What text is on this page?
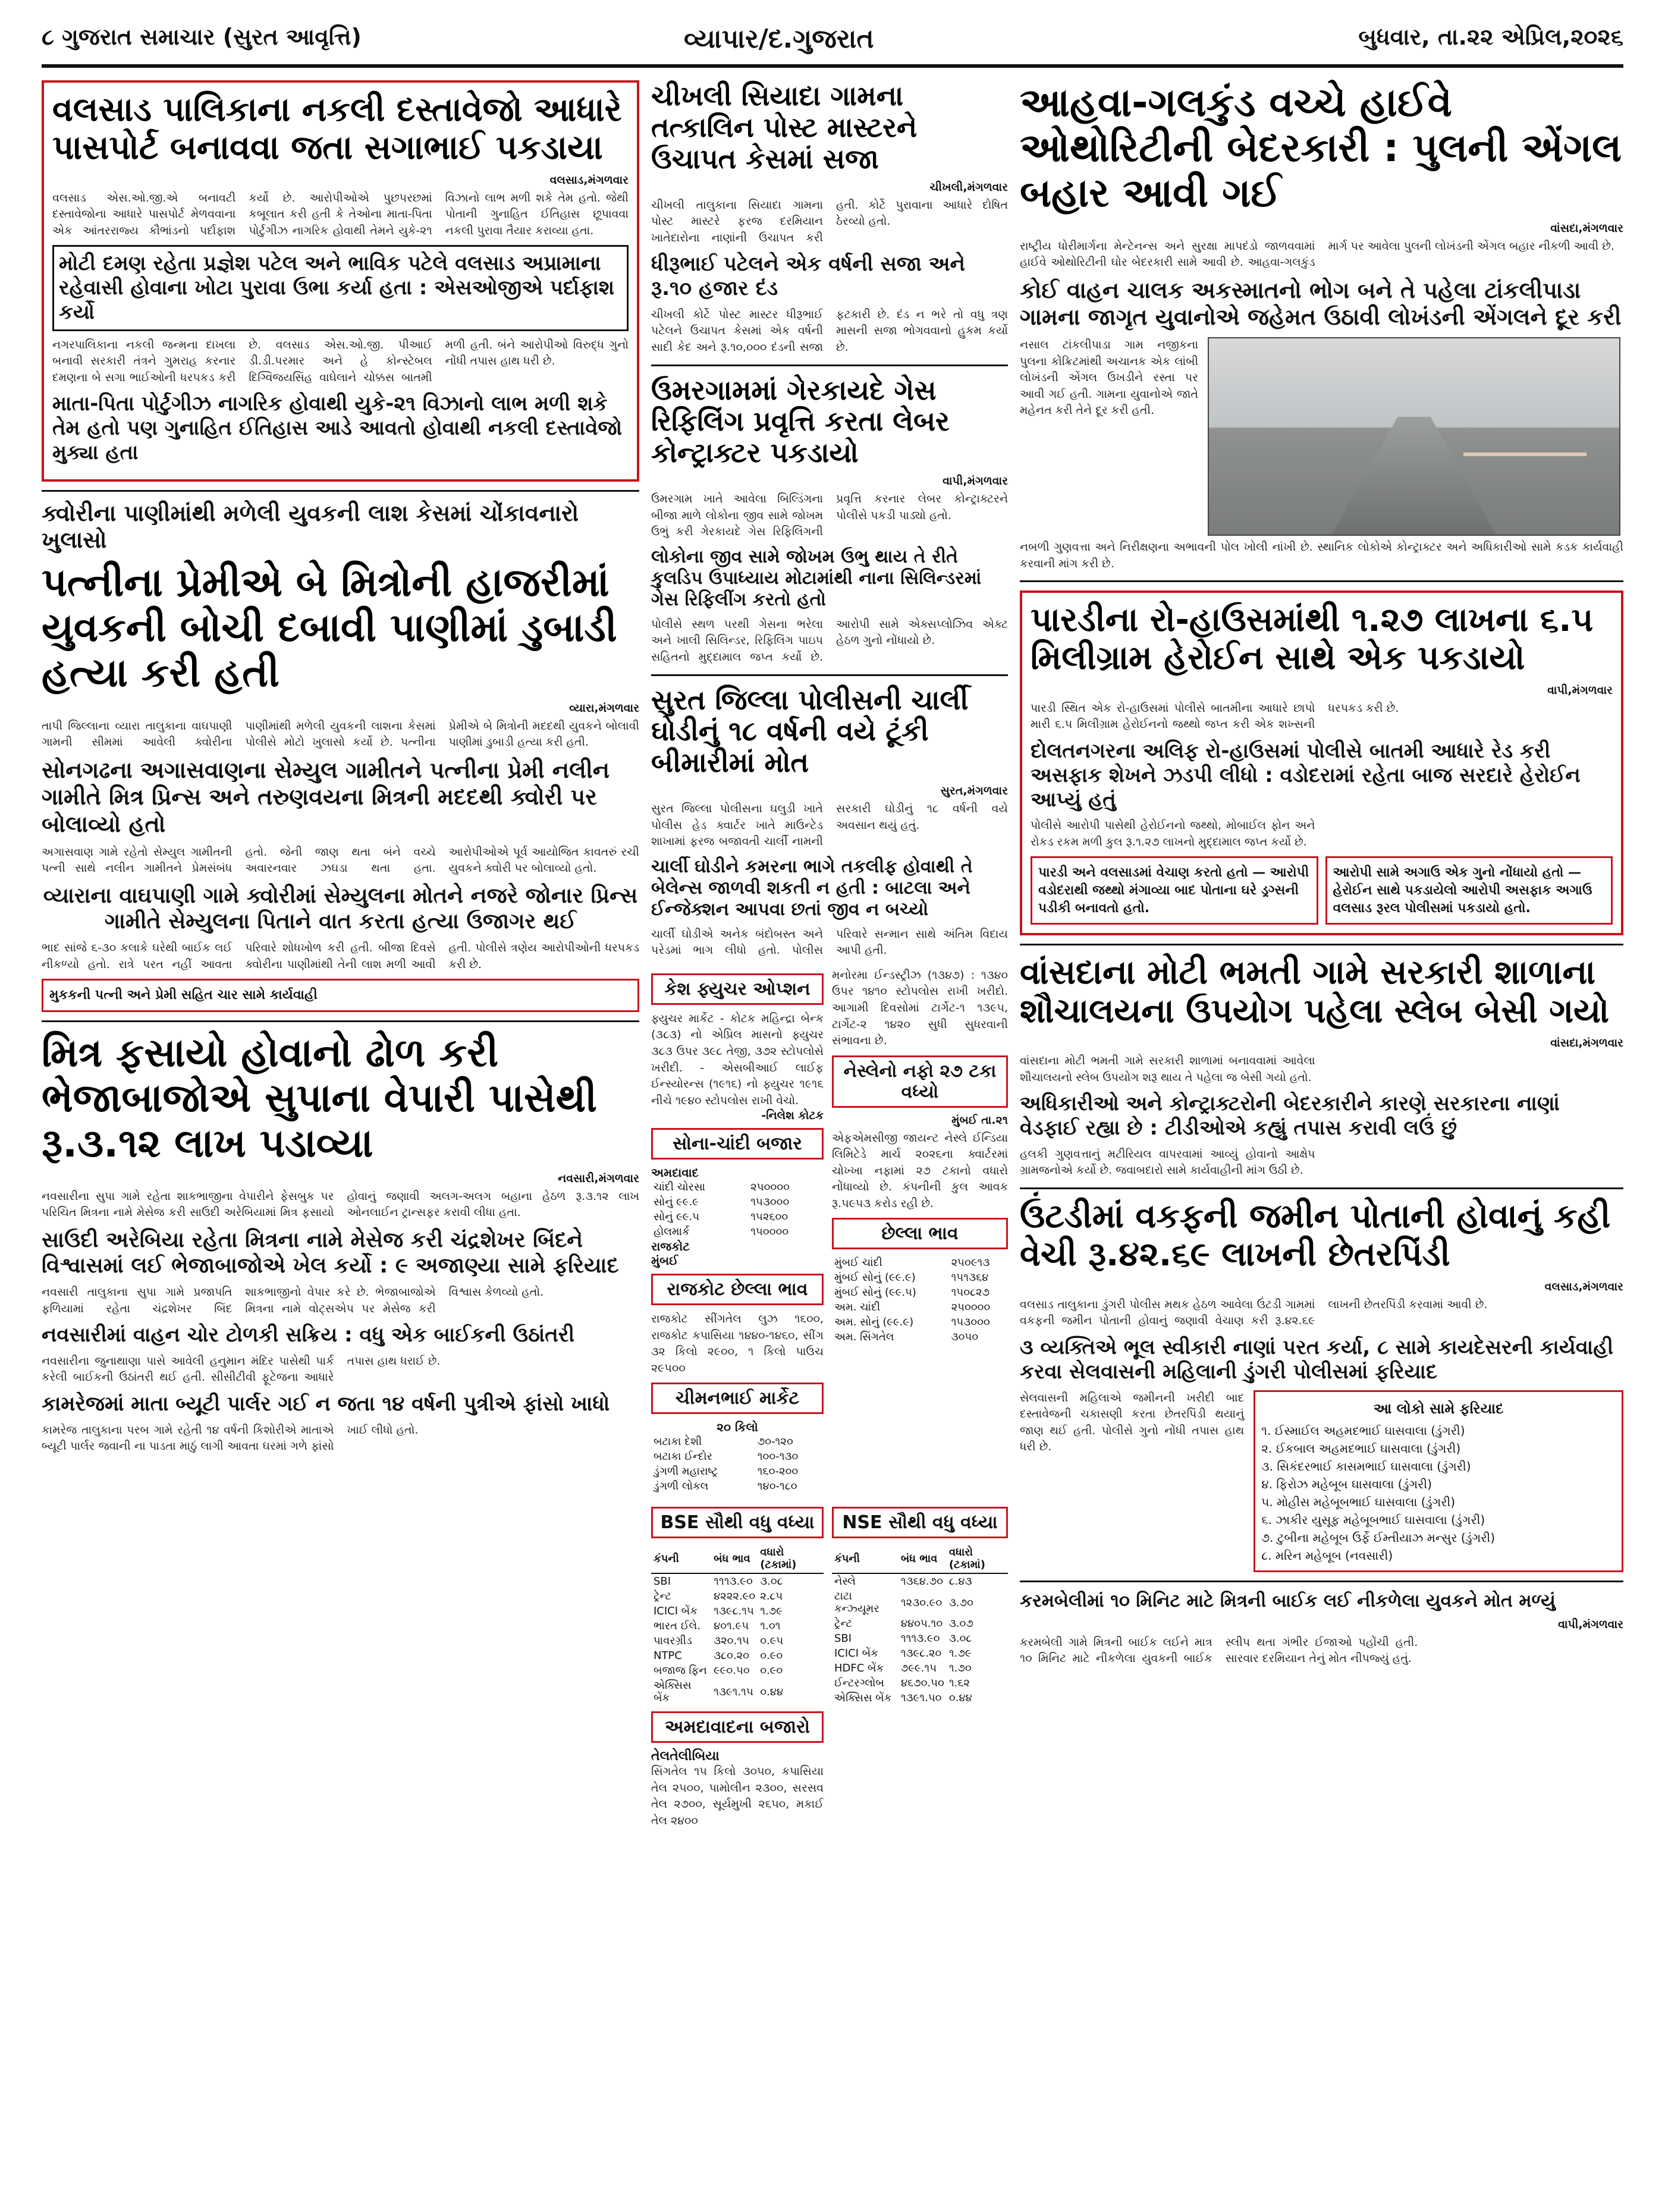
૮ ગુજરાત સમાચાર (સુરત આવૃત્તિ)	વ્યાપાર/દ.ગુજરાત	બુધવાર, તા.૨૨ એપ્રિલ,૨૦૨૬
વલસાડ પાલિકાના નકલી દસ્તાવેજો આધારે પાસપોર્ટ બનાવવા જતા સગાભાઈ પકડાયા
વલસાડ,મંગળવાર
વલસાડ એસ.ઓ.જી.એ બનાવટી દસ્તાવેજોના આધારે પાસપોર્ટ મેળવવાના એક આંતરરાજ્ય કૌભાંડનો પર્દાફાશ કર્યો છે. આરોપીઓએ પુછપરછમાં કબૂલાત કરી હતી કે તેઓના માતા-પિતા પોર્ટુગીઝ નાગરિક હોવાથી તેમને યુકે-૨૧ વિઝાનો લાભ મળી શકે તેમ હતો. જેથી પોતાની ગુનાહિત ઈતિહાસ છૂપાવવા નકલી પુરાવા તૈયાર કરાવ્યા હતા.
મોટી દમણ રહેતા પ્રજ્ઞેશ પટેલ અને ભાવિક પટેલે વલસાડ અપ્રામાના રહેવાસી હોવાના ખોટા પુરાવા ઉભા કર્યા હતા : એસઓજીએ પર્દાફાશ કર્યો
નગરપાલિકાના નકલી જન્મના દાખલા બનાવી સરકારી તંત્રને ગુમરાહ કરનાર દમણના બે સગા ભાઈઓની ધરપકડ કરી છે. વલસાડ એસ.ઓ.જી. પીઆઈ ડી.ડી.પરમાર અને હે કોન્સ્ટેબલ દિગ્વિજયસિંહ વાઘેલાને ચોક્કસ બાતમી મળી હતી. બંને આરોપીઓ વિરુદ્ધ ગુનો નોંધી તપાસ હાથ ધરી છે.
માતા-પિતા પોર્ટુગીઝ નાગરિક હોવાથી યુકે-૨૧ વિઝાનો લાભ મળી શકે તેમ હતો પણ ગુનાહિત ઈતિહાસ આડે આવતો હોવાથી નકલી દસ્તાવેજો મુક્યા હતા
ક્વોરીના પાણીમાંથી મળેલી યુવકની લાશ કેસમાં ચોંકાવનારો ખુલાસો
પત્નીના પ્રેમીએ બે મિત્રોની હાજરીમાં યુવકની બોચી દબાવી પાણીમાં ડુબાડી હત્યા કરી હતી
વ્યારા,મંગળવાર
તાપી જિલ્લાના વ્યારા તાલુકાના વાઘપાણી ગામની સીમમાં આવેલી ક્વોરીના પાણીમાંથી મળેલી યુવકની લાશના કેસમાં પોલીસે મોટો ખુલાસો કર્યો છે. પત્નીના પ્રેમીએ બે મિત્રોની મદદથી યુવકને બોલાવી પાણીમાં ડુબાડી હત્યા કરી હતી.
સોનગઢના અગાસવાણના સેમ્યુલ ગામીતને પત્નીના પ્રેમી નલીન ગામીતે મિત્ર પ્રિન્સ અને તરુણવયના મિત્રની મદદથી ક્વોરી પર બોલાવ્યો હતો
અગાસવાણ ગામે રહેતો સેમ્યુલ ગામીતની પત્ની સાથે નલીન ગામીતને પ્રેમસંબંધ હતો. જેની જાણ થતા બંને વચ્ચે અવારનવાર ઝઘડા થતા હતા. આરોપીઓએ પૂર્વ આયોજિત કાવતરું રચી યુવકને ક્વોરી પર બોલાવ્યો હતો.
વ્યારાના વાઘપાણી ગામે ક્વોરીમાં સેમ્યુલના મોતને નજરે જોનાર પ્રિન્સ ગામીતે સેમ્યુલના પિતાને વાત કરતા હત્યા ઉજાગર થઈ
ભાદ સાંજે ૬-૩૦ કલાકે ઘરેથી બાઈક લઈ નીકળ્યો હતો. રાત્રે પરત નહીં આવતા પરિવારે શોધખોળ કરી હતી. બીજા દિવસે ક્વોરીના પાણીમાંથી તેની લાશ મળી આવી હતી. પોલીસે ત્રણેય આરોપીઓની ધરપકડ કરી છે.
મુકકની પત્ની અને પ્રેમી સહિત ચાર સામે કાર્યવાહી
મિત્ર ફસાયો હોવાનો ઢોળ કરી ભેજાબાજોએ સુપાના વેપારી પાસેથી રૂ.૩.૧૨ લાખ પડાવ્યા
નવસારી,મંગળવાર
નવસારીના સુપા ગામે રહેતા શાકભાજીના વેપારીને ફેસબુક પર પરિચિત મિત્રના નામે મેસેજ કરી સાઉદી અરેબિયામાં મિત્ર ફસાયો હોવાનું જણાવી અલગ-અલગ બહાના હેઠળ રૂ.૩.૧૨ લાખ ઓનલાઈન ટ્રાન્સફર કરાવી લીધા હતા.
સાઉદી અરેબિયા રહેતા મિત્રના નામે મેસેજ કરી ચંદ્રશેખર બિંદને વિશ્વાસમાં લઈ ભેજાબાજોએ ખેલ કર્યો : ૯ અજાણ્યા સામે ફરિયાદ
નવસારી તાલુકાના સુપા ગામે પ્રજાપતિ ફળિયામાં રહેતા ચંદ્રશેખર બિંદ શાકભાજીનો વેપાર કરે છે. ભેજાબાજોએ મિત્રના નામે વોટ્સએપ પર મેસેજ કરી વિશ્વાસ કેળવ્યો હતો.
નવસારીમાં વાહન ચોર ટોળકી સક્રિય : વધુ એક બાઈકની ઉઠાંતરી
નવસારીના જુનાથાણા પાસે આવેલી હનુમાન મંદિર પાસેથી પાર્ક કરેલી બાઈકની ઉઠાંતરી થઈ હતી. સીસીટીવી ફૂટેજના આધારે તપાસ હાથ ધરાઈ છે.
કામરેજમાં માતા બ્યૂટી પાર્લર ગઈ ન જતા ૧૪ વર્ષની પુત્રીએ ફાંસો ખાધો
કામરેજ તાલુકાના પરબ ગામે રહેતી ૧૪ વર્ષની કિશોરીએ માતાએ બ્યૂટી પાર્લર જવાની ના પાડતા માઠું લાગી આવતા ઘરમાં ગળે ફાંસો ખાઈ લીધો હતો.
ચીખલી સિયાદા ગામના તત્કાલિન પોસ્ટ માસ્ટરને ઉચાપત કેસમાં સજા
ચીખલી,મંગળવાર
ચીખલી તાલુકાના સિયાદા ગામના પોસ્ટ માસ્ટરે ફરજ દરમિયાન ખાતેદારોના નાણાંની ઉચાપત કરી હતી. કોર્ટે પુરાવાના આધારે દોષિત ઠેરવ્યો હતો.
ધીરૂભાઈ પટેલને એક વર્ષની સજા અને રૂ.૧૦ હજાર દંડ
ચીખલી કોર્ટે પોસ્ટ માસ્ટર ધીરૂભાઈ પટેલને ઉચાપત કેસમાં એક વર્ષની સાદી કેદ અને રૂ.૧૦,૦૦૦ દંડની સજા ફટકારી છે. દંડ ન ભરે તો વધુ ત્રણ માસની સજા ભોગવવાનો હુકમ કર્યો છે.
ઉમરગામમાં ગેરકાયદે ગેસ રિફિલિંગ પ્રવૃત્તિ કરતા લેબર કોન્ટ્રાક્ટર પકડાયો
વાપી,મંગળવાર
ઉમરગામ ખાતે આવેલા બિલ્ડિંગના બીજા માળે લોકોના જીવ સામે જોખમ ઉભું કરી ગેરકાયદે ગેસ રિફિલિંગની પ્રવૃત્તિ કરનાર લેબર કોન્ટ્રાક્ટરને પોલીસે પકડી પાડ્યો હતો.
લોકોના જીવ સામે જોખમ ઉભુ થાય તે રીતે કુલડિપ ઉપાધ્યાય મોટામાંથી નાના સિલિન્ડરમાં ગેસ રિફિલીંગ કરતો હતો
પોલીસે સ્થળ પરથી ગેસના ભરેલા અને ખાલી સિલિન્ડર, રિફિલિંગ પાઇપ સહિતનો મુદ્દામાલ જપ્ત કર્યો છે. આરોપી સામે એક્સપ્લોઝિવ એક્ટ હેઠળ ગુનો નોંધાયો છે.
સુરત જિલ્લા પોલીસની ચાર્લી ઘોડીનું ૧૮ વર્ષની વયે ટૂંકી બીમારીમાં મોત
સુરત,મંગળવાર
સુરત જિલ્લા પોલીસના ઘલુડી ખાતે પોલીસ હેડ ક્વાર્ટર ખાતે માઉન્ટેડ શાખામાં ફરજ બજાવતી ચાર્લી નામની સરકારી ઘોડીનું ૧૮ વર્ષની વયે અવસાન થયું હતું.
ચાર્લી ઘોડીને કમરના ભાગે તકલીફ હોવાથી તે બેલેન્સ જાળવી શકતી ન હતી : બાટલા અને ઈન્જેક્શન આપવા છતાં જીવ ન બચ્યો
ચાર્લી ઘોડીએ અનેક બંદોબસ્ત અને પરેડમાં ભાગ લીધો હતો. પોલીસ પરિવારે સન્માન સાથે અંતિમ વિદાય આપી હતી.
કેશ ફ્યુચર ઓપ્શન
ફ્યુચર માર્કેટ - કોટક મહિન્દ્રા બેન્ક (૩૮૩) નો એપ્રિલ માસનો ફ્યુચર ૩૮૩ ઉપર ૩૯૮ તેજી, ૩૭૨ સ્ટોપલોસે ખરીદી. - એસબીઆઈ લાઈફ ઈન્સ્યોરન્સ (૧૯૧૬) નો ફ્યુચર ૧૯૧૬ નીચે ૧૯૪૦ સ્ટોપલોસ રાખી વેચો.
-નિલેશ કોટક
સોના-ચાંદી બજાર
અમદાવાદ
ચાંદી ચોરસા	૨૫૦૦૦૦
સોનું ૯૯.૯	૧૫૩૦૦૦
સોનું ૯૯.૫	૧૫૨૬૦૦
હોલમાર્ક	૧૫૦૦૦૦
રાજકોટ
મુંબઈ
રાજકોટ છેલ્લા ભાવ
રાજકોટ સીંગતેલ લુઝ ૧૬૦૦, રાજકોટ કપાસિયા ૧૪૪૦-૧૪૬૦, સીંગ ૩૨ કિલો ૨૯૦૦, ૧ કિલો પાઉચ ૨૯૫૦૦
ચીમનભાઈ માર્કેટ
૨૦ કિલો
બટાકા દેશી	૭૦-૧૨૦
બટાકા ઈન્દોર	૧૦૦-૧૩૦
ડુંગળી મહારાષ્ટ્ર	૧૬૦-૨૦૦
ડુંગળી લોકલ	૧૪૦-૧૮૦
મનોરમા ઈન્ડસ્ટ્રીઝ (૧૩૪૭) : ૧૩૪૦ ઉપર ૧૪૧૦ સ્ટોપલોસ રાખી ખરીદો. આગામી દિવસોમાં ટાર્ગેટ-૧ ૧૩૯૫, ટાર્ગેટ-૨ ૧૪૨૦ સુધી સુધરવાની સંભાવના છે.
નેસ્લેનો નફો ૨૭ ટકા વધ્યો
મુંબઈ તા.૨૧
એફએમસીજી જાયન્ટ નેસ્લે ઈન્ડિયા લિમિટેડે માર્ચ ૨૦૨૬ના ક્વાર્ટરમાં ચોખ્ખા નફામાં ૨૭ ટકાનો વધારો નોંધાવ્યો છે. કંપનીની કુલ આવક રૂ.૫૯૫૩ કરોડ રહી છે.
છેલ્લા ભાવ
મુંબઈ ચાંદી	૨૫૦૯૧૩
મુંબઈ સોનું (૯૯.૯)	૧૫૧૩૬૪
મુંબઈ સોનું (૯૯.૫)	૧૫૦૮૨૭
અમ. ચાંદી	૨૫૦૦૦૦
અમ. સોનું (૯૯.૯)	૧૫૩૦૦૦
અમ. સિંગતેલ	૩૦૫૦
BSE સૌથી વધુ વધ્યા
કંપની	બંધ ભાવ	વધારો (ટકામાં)
SBI	૧૧૧૩.૯૦	૩.૦૮
ટ્રેન્ટ	૪૨૨૨.૯૦	૨.૮૫
ICICI બેંક	૧૩૯૮.૧૫	૧.૭૯
ભારત ઈલે.	૪૦૧.૯૫	૧.૦૧
પાવરગ્રીડ	૩૨૦.૧૫	૦.૯૫
NTPC	૩૮૦.૨૦	૦.૯૦
બજાજ ફિન	૯૯૦.૫૦	૦.૯૦
એક્સિસ બેંક	૧૩૯૧.૧૫	૦.૪૪
અમદાવાદના બજારો
તેલતેલીબિયા
સિંગતેલ ૧૫ કિલો ૩૦૫૦, કપાસિયા તેલ ૨૫૦૦, પામોલીન ૨૩૦૦, સરસવ તેલ ૨૭૦૦, સૂર્યમુખી ૨૬૫૦, મકાઈ તેલ ૨૪૦૦
NSE સૌથી વધુ વધ્યા
કંપની	બંધ ભાવ	વધારો (ટકામાં)
નેસ્લે	૧૩૬૪.૭૦	૮.૪૩
ટાટા કન્ઝ્યૂમર	૧૨૩૦.૯૦	૩.૭૦
ટ્રેન્ટ	૪૪૦૫.૧૦	૩.૦૭
SBI	૧૧૧૩.૯૦	૩.૦૮
ICICI બેંક	૧૩૯૮.૨૦	૧.૭૯
HDFC બેંક	૭૯૯.૧૫	૧.૭૦
ઈન્ટરગ્લોબ	૪૬૭૦.૫૦	૧.૬૨
એક્સિસ બેંક	૧૩૯૧.૫૦	૦.૪૪
આહવા-ગલકુંડ વચ્ચે હાઈવે ઓથોરિટીની બેદરકારી : પુલની એંગલ બહાર આવી ગઈ
વાંસદા,મંગળવાર
રાષ્ટ્રીય ધોરીમાર્ગના મેન્ટેનન્સ અને સુરક્ષા માપદંડો જાળવવામાં હાઈવે ઓથોરિટીની ઘોર બેદરકારી સામે આવી છે. આહવા-ગલકુંડ માર્ગ પર આવેલા પુલની લોખંડની એંગલ બહાર નીકળી આવી છે.
કોઈ વાહન ચાલક અકસ્માતનો ભોગ બને તે પહેલા ટાંકલીપાડા ગામના જાગૃત યુવાનોએ જહેમત ઉઠાવી લોખંડની એંગલને દૂર કરી
નસાલ ટાંકલીપાડા ગામ નજીકના પુલના કોંક્રિટમાંથી અચાનક એક લાંબી લોખંડની એંગલ ઉખડીને રસ્તા પર આવી ગઈ હતી. ગામના યુવાનોએ જાતે મહેનત કરી તેને દૂર કરી હતી.
નબળી ગુણવત્તા અને નિરીક્ષણના અભાવની પોલ ખોલી નાંખી છે. સ્થાનિક લોકોએ કોન્ટ્રાક્ટર અને અધિકારીઓ સામે કડક કાર્યવાહી કરવાની માંગ કરી છે.
પારડીના રો-હાઉસમાંથી ૧.૨૭ લાખના ૬.૫ મિલીગ્રામ હેરોઈન સાથે એક પકડાયો
વાપી,મંગળવાર
પારડી સ્થિત એક રો-હાઉસમાં પોલીસે બાતમીના આધારે છાપો મારી ૬.૫ મિલીગ્રામ હેરોઈનનો જથ્થો જપ્ત કરી એક શખ્સની ધરપકડ કરી છે.
દોલતનગરના અલિફ રો-હાઉસમાં પોલીસે બાતમી આધારે રેડ કરી અસફાક શેખને ઝડપી લીધો : વડોદરામાં રહેતા બાજ સરદારે હેરોઈન આપ્યું હતું
પોલીસે આરોપી પાસેથી હેરોઈનનો જથ્થો, મોબાઈલ ફોન અને રોકડ રકમ મળી કુલ રૂ.૧.૨૭ લાખનો મુદ્દામાલ જપ્ત કર્યો છે.
પારડી અને વલસાડમાં વેચાણ કરતો હતો — આરોપી વડોદરાથી જથ્થો મંગાવ્યા બાદ પોતાના ઘરે ડ્રગ્સની પડીકી બનાવતો હતો.
આરોપી સામે અગાઉ એક ગુનો નોંધાયો હતો — હેરોઈન સાથે પકડાયેલો આરોપી અસફાક અગાઉ વલસાડ રૂરલ પોલીસમાં પકડાયો હતો.
વાંસદાના મોટી ભમતી ગામે સરકારી શાળાના શૌચાલયના ઉપયોગ પહેલા સ્લેબ બેસી ગયો
વાંસદા,મંગળવાર
વાંસદાના મોટી ભમતી ગામે સરકારી શાળામાં બનાવવામાં આવેલા શૌચાલયનો સ્લેબ ઉપયોગ શરૂ થાય તે પહેલા જ બેસી ગયો હતો.
અધિકારીઓ અને કોન્ટ્રાક્ટરોની બેદરકારીને કારણે સરકારના નાણાં વેડફાઈ રહ્યા છે : ટીડીઓએ કહ્યું તપાસ કરાવી લઉં છું
હલકી ગુણવત્તાનું મટીરિયલ વાપરવામાં આવ્યું હોવાનો આક્ષેપ ગ્રામજનોએ કર્યો છે. જવાબદારો સામે કાર્યવાહીની માંગ ઉઠી છે.
ઉંટડીમાં વકફની જમીન પોતાની હોવાનું કહી વેચી રૂ.૪૨.૬૯ લાખની છેતરપિંડી
વલસાડ,મંગળવાર
વલસાડ તાલુકાના ડુંગરી પોલીસ મથક હેઠળ આવેલા ઉંટડી ગામમાં વકફની જમીન પોતાની હોવાનું જણાવી વેચાણ કરી રૂ.૪૨.૬૯ લાખની છેતરપિંડી કરવામાં આવી છે.
૩ વ્યક્તિએ ભૂલ સ્વીકારી નાણાં પરત કર્યા, ૮ સામે કાયદેસરની કાર્યવાહી કરવા સેલવાસની મહિલાની ડુંગરી પોલીસમાં ફરિયાદ
સેલવાસની મહિલાએ જમીનની ખરીદી બાદ દસ્તાવેજની ચકાસણી કરતા છેતરપિંડી થયાનું જાણ થઈ હતી. પોલીસે ગુનો નોંધી તપાસ હાથ ધરી છે.
આ લોકો સામે ફરિયાદ
૧. ઈસ્માઈલ અહમદભાઈ ઘાસવાલા (ડુંગરી)
૨. ઈકબાલ અહમદભાઈ ઘાસવાલા (ડુંગરી)
૩. સિકંદરભાઈ કાસમભાઈ ઘાસવાલા (ડુંગરી)
૪. ફિરોઝ મહેબૂબ ઘાસવાલા (ડુંગરી)
૫. મોહીસ મહેબૂબભાઈ ઘાસવાલા (ડુંગરી)
૬. ઝાકીર યુસૂફ મહેબૂબભાઈ ઘાસવાલા (ડુંગરી)
૭. ટુબીના મહેબૂબ ઉર્ફે ઈમ્તીયાઝ મન્સુર (ડુંગરી)
૮. મરિન મહેબૂબ (નવસારી)
કરમબેલીમાં ૧૦ મિનિટ માટે મિત્રની બાઈક લઈ નીકળેલા યુવકને મોત મળ્યું
વાપી,મંગળવાર
કરમબેલી ગામે મિત્રની બાઈક લઈને માત્ર ૧૦ મિનિટ માટે નીકળેલા યુવકની બાઈક સ્લીપ થતા ગંભીર ઈજાઓ પહોંચી હતી. સારવાર દરમિયાન તેનું મોત નીપજ્યું હતું.
